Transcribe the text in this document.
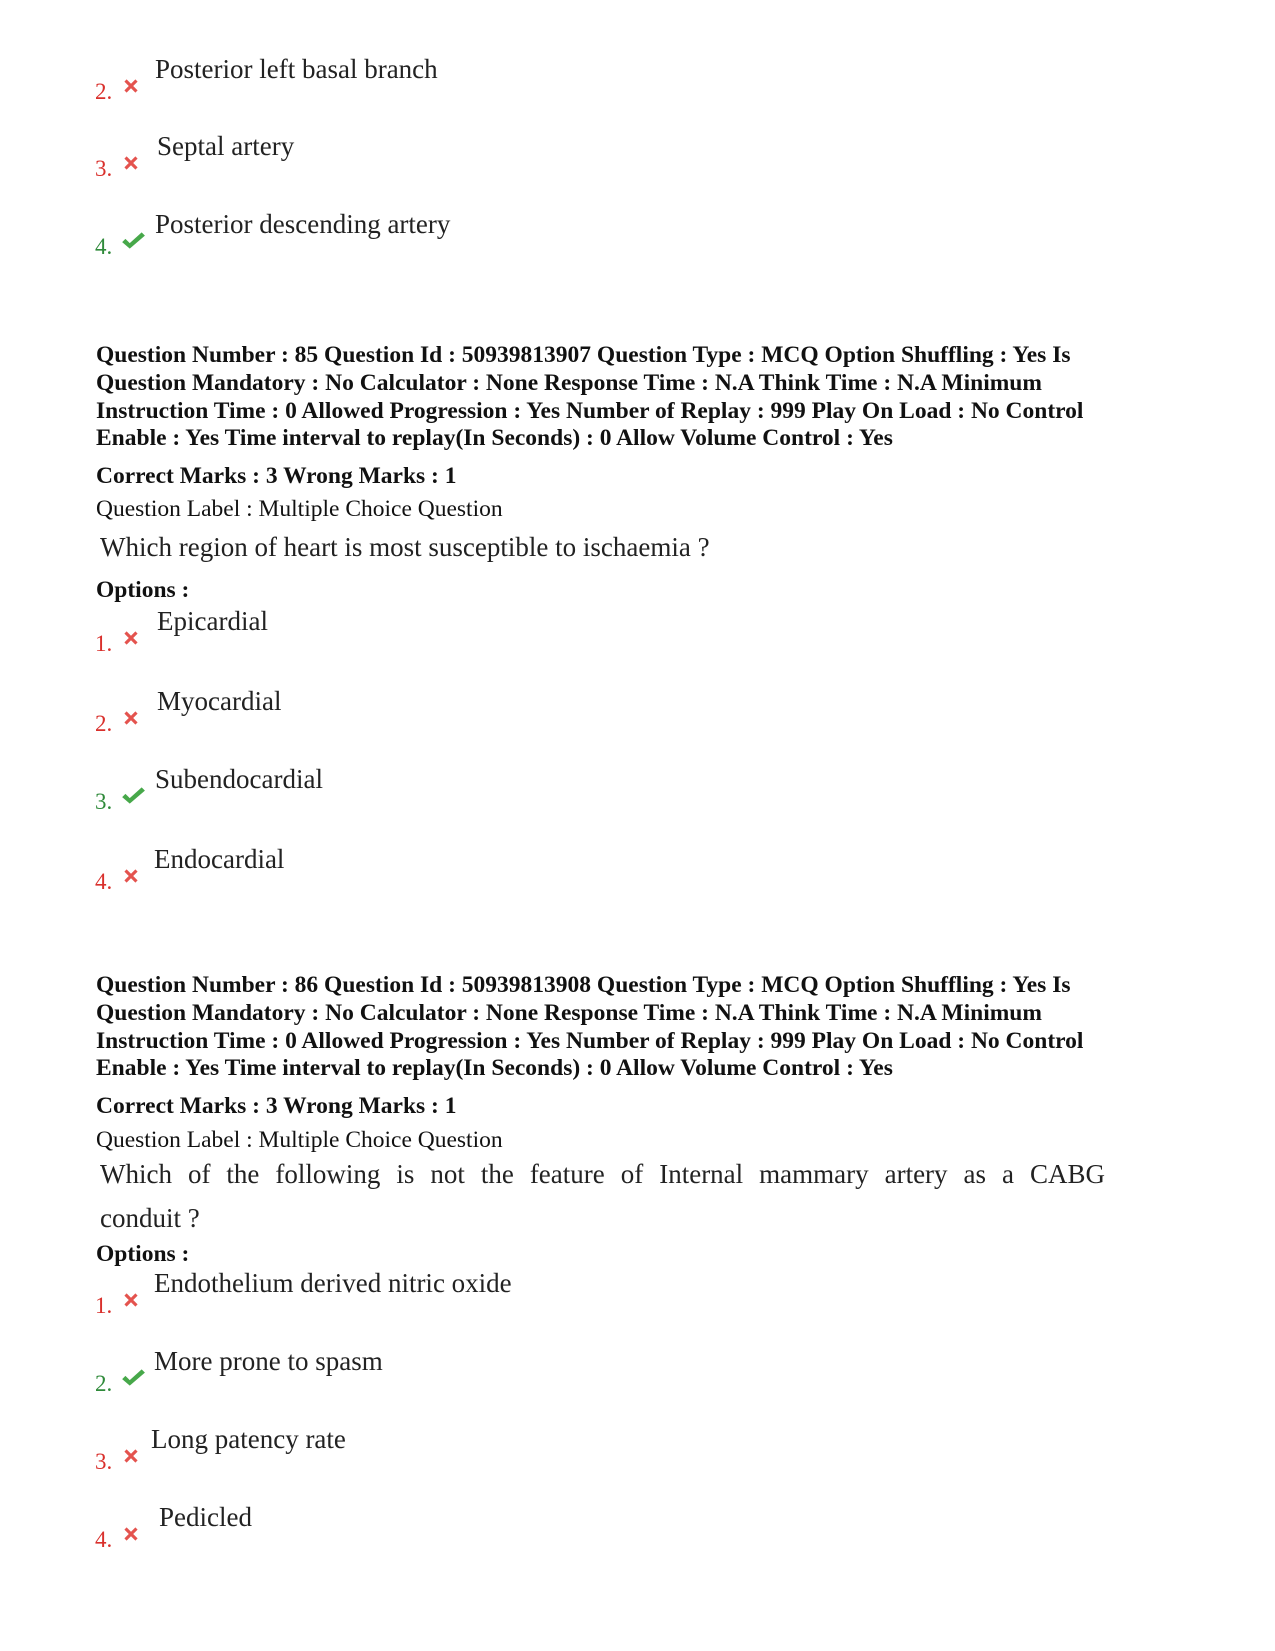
2.
Posterior left basal branch
3.
Septal artery
4.
Posterior descending artery
Question Number : 85 Question Id : 50939813907 Question Type : MCQ Option Shuffling : Yes Is
Question Mandatory : No Calculator : None Response Time : N.A Think Time : N.A Minimum
Instruction Time : 0 Allowed Progression : Yes Number of Replay : 999 Play On Load : No Control
Enable : Yes Time interval to replay(In Seconds) : 0 Allow Volume Control : Yes
Correct Marks : 3 Wrong Marks : 1
Question Label : Multiple Choice Question
Which region of heart is most susceptible to ischaemia ?
Options :
1.
Epicardial
2.
Myocardial
3.
Subendocardial
4.
Endocardial
Question Number : 86 Question Id : 50939813908 Question Type : MCQ Option Shuffling : Yes Is
Question Mandatory : No Calculator : None Response Time : N.A Think Time : N.A Minimum
Instruction Time : 0 Allowed Progression : Yes Number of Replay : 999 Play On Load : No Control
Enable : Yes Time interval to replay(In Seconds) : 0 Allow Volume Control : Yes
Correct Marks : 3 Wrong Marks : 1
Question Label : Multiple Choice Question
Which of the following is not the feature of Internal mammary artery as a CABG
conduit ?
Options :
1.
Endothelium derived nitric oxide
2.
More prone to spasm
3.
Long patency rate
4.
Pedicled
